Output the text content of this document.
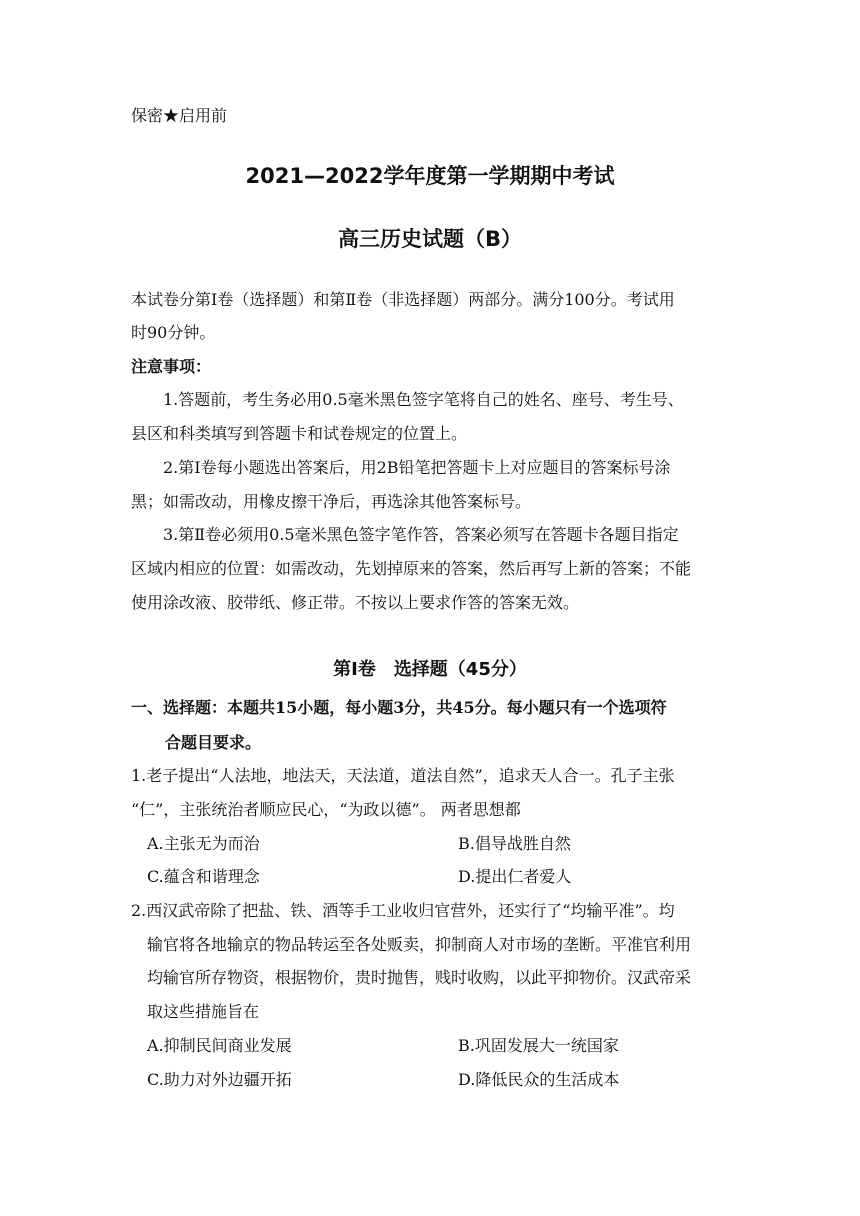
保密★启用前
2021—2022学年度第一学期期中考试
高三历史试题（B）
本试卷分第Ⅰ卷（选择题）和第Ⅱ卷（非选择题）两部分。满分100分。考试用
时90分钟。
注意事项：
1.答题前，考生务必用0.5毫米黑色签字笔将自己的姓名、座号、考生号、
县区和科类填写到答题卡和试卷规定的位置上。
2.第Ⅰ卷每小题选出答案后，用2B铅笔把答题卡上对应题目的答案标号涂
黑；如需改动，用橡皮擦干净后，再选涂其他答案标号。
3.第Ⅱ卷必须用0.5毫米黑色签字笔作答，答案必须写在答题卡各题目指定
区域内相应的位置：如需改动，先划掉原来的答案，然后再写上新的答案；不能
使用涂改液、胶带纸、修正带。不按以上要求作答的答案无效。
第Ⅰ卷 选择题（45分）
一、选择题：本题共15小题，每小题3分，共45分。每小题只有一个选项符
合题目要求。
1.老子提出“人法地，地法天，天法道，道法自然”，追求天人合一。孔子主张
“仁”，主张统治者顺应民心，“为政以德”。 两者思想都
A.主张无为而治	B.倡导战胜自然
C.蕴含和谐理念	D.提出仁者爱人
2.西汉武帝除了把盐、铁、酒等手工业收归官营外，还实行了“均输平准”。均
输官将各地输京的物品转运至各处贩卖，抑制商人对市场的垄断。平准官利用
均输官所存物资，根据物价，贵时抛售，贱时收购，以此平抑物价。汉武帝采
取这些措施旨在
A.抑制民间商业发展	B.巩固发展大一统国家
C.助力对外边疆开拓	D.降低民众的生活成本
